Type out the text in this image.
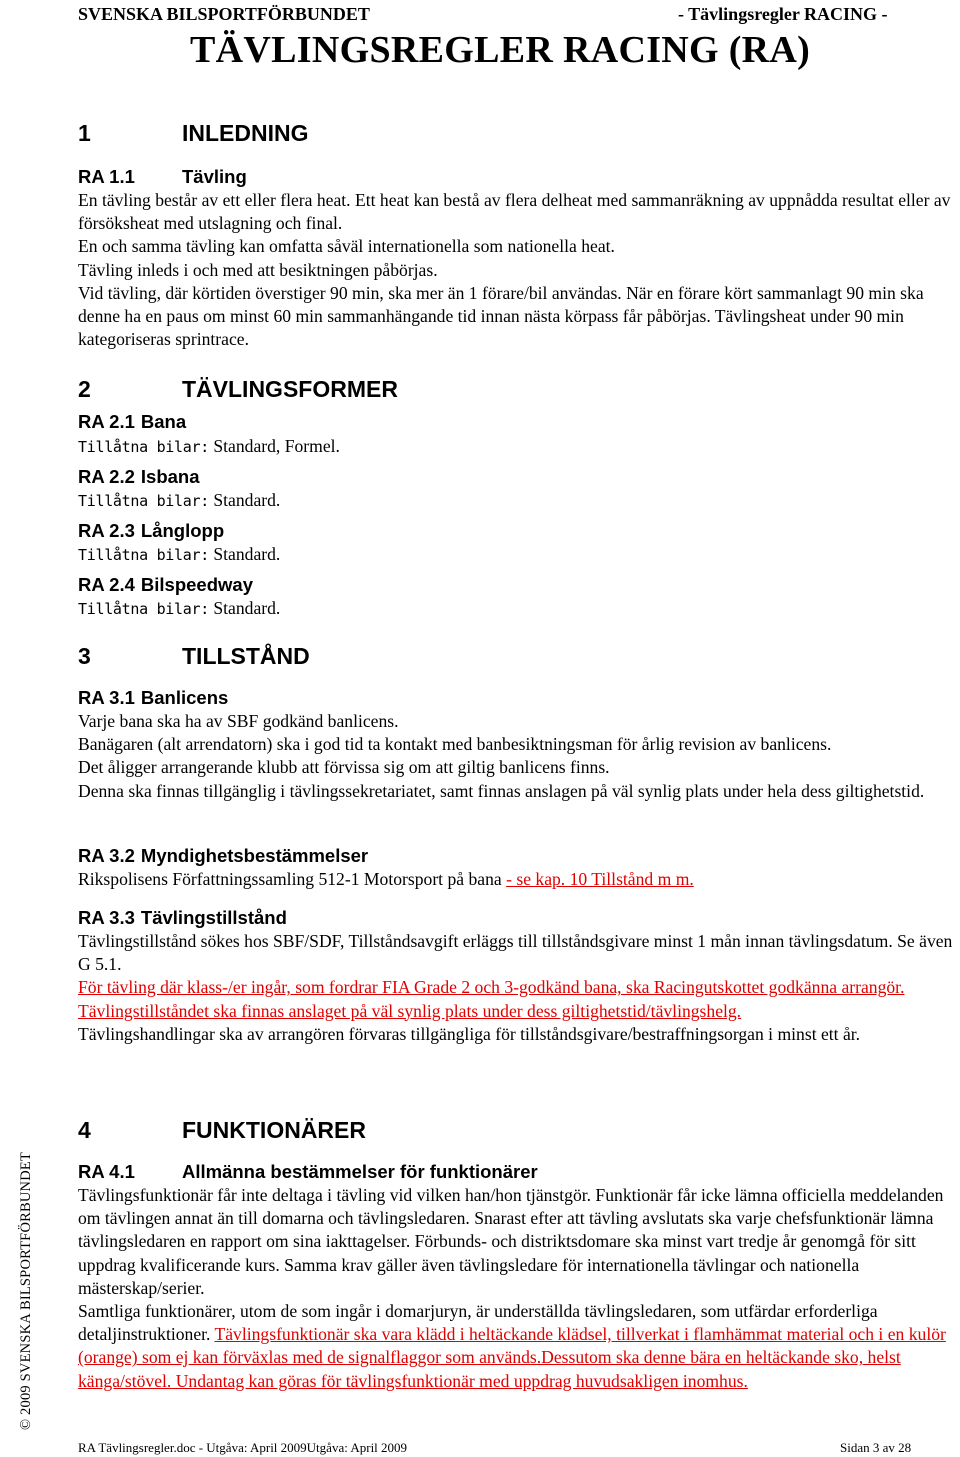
SVENSKA BILSPORTFÖRBUNDET	- Tävlingsregler RACING -
TÄVLINGSREGLER RACING (RA)
1	INLEDNING
RA 1.1	Tävling
En tävling består av ett eller flera heat. Ett heat kan bestå av flera delheat med sammanräkning av uppnådda resultat eller av försöksheat med utslagning och final.
En och samma tävling kan omfatta såväl internationella som nationella heat.
Tävling inleds i och med att besiktningen påbörjas.
Vid tävling, där körtiden överstiger 90 min, ska mer än 1 förare/bil användas. När en förare kört sammanlagt 90 min ska denne ha en paus om minst 60 min sammanhängande tid innan nästa körpass får påbörjas. Tävlingsheat under 90 min kategoriseras sprintrace.
2	TÄVLINGSFORMER
RA 2.1 Bana
Tillåtna bilar: Standard, Formel.
RA 2.2 Isbana
Tillåtna bilar: Standard.
RA 2.3 Långlopp
Tillåtna bilar: Standard.
RA 2.4 Bilspeedway
Tillåtna bilar: Standard.
3	TILLSTÅND
RA 3.1 Banlicens
Varje bana ska ha av SBF godkänd banlicens.
Banägaren (alt arrendatorn) ska i god tid ta kontakt med banbesiktningsman för årlig revision av banlicens.
Det åligger arrangerande klubb att förvissa sig om att giltig banlicens finns.
Denna ska finnas tillgänglig i tävlingssekretariatet, samt finnas anslagen på väl synlig plats under hela dess giltighetstid.
RA 3.2 Myndighetsbestämmelser
Rikspolisens Författningssamling 512-1 Motorsport på bana - se kap. 10 Tillstånd m m.
RA 3.3 Tävlingstillstånd
Tävlingstillstånd sökes hos SBF/SDF, Tillståndsavgift erläggs till tillståndsgivare minst 1 mån innan tävlingsdatum. Se även G 5.1.
För tävling där klass-/er ingår, som fordrar FIA Grade 2 och 3-godkänd bana, ska Racingutskottet godkänna arrangör.
Tävlingstillståndet ska finnas anslaget på väl synlig plats under dess giltighetstid/tävlingshelg.
Tävlingshandlingar ska av arrangören förvaras tillgängliga för tillståndsgivare/bestraffningsorgan i minst ett år.
4	FUNKTIONÄRER
RA 4.1	Allmänna bestämmelser för funktionärer
Tävlingsfunktionär får inte deltaga i tävling vid vilken han/hon tjänstgör. Funktionär får icke lämna officiella meddelanden om tävlingen annat än till domarna och tävlingsledaren. Snarast efter att tävling avslutats ska varje chefsfunktionär lämna tävlingsledaren en rapport om sina iakttagelser. Förbunds- och distriktsdomare ska minst vart tredje år genomgå för sitt uppdrag kvalificerande kurs. Samma krav gäller även tävlingsledare för internationella tävlingar och nationella mästerskap/serier.
Samtliga funktionärer, utom de som ingår i domarjuryn, är underställda tävlingsledaren, som utfärdar erforderliga detaljinstruktioner. Tävlingsfunktionär ska vara klädd i heltäckande klädsel, tillverkat i flamhämmat material och i en kulör (orange) som ej kan förväxlas med de signalflaggor som används.Dessutom ska denne bära en heltäckande sko, helst känga/stövel. Undantag kan göras för tävlingsfunktionär med uppdrag huvudsakligen inomhus.
© 2009 SVENSKA BILSPORTFÖRBUNDET
RA Tävlingsregler.doc - Utgåva: April 2009Utgåva: April 2009	Sidan 3 av 28
